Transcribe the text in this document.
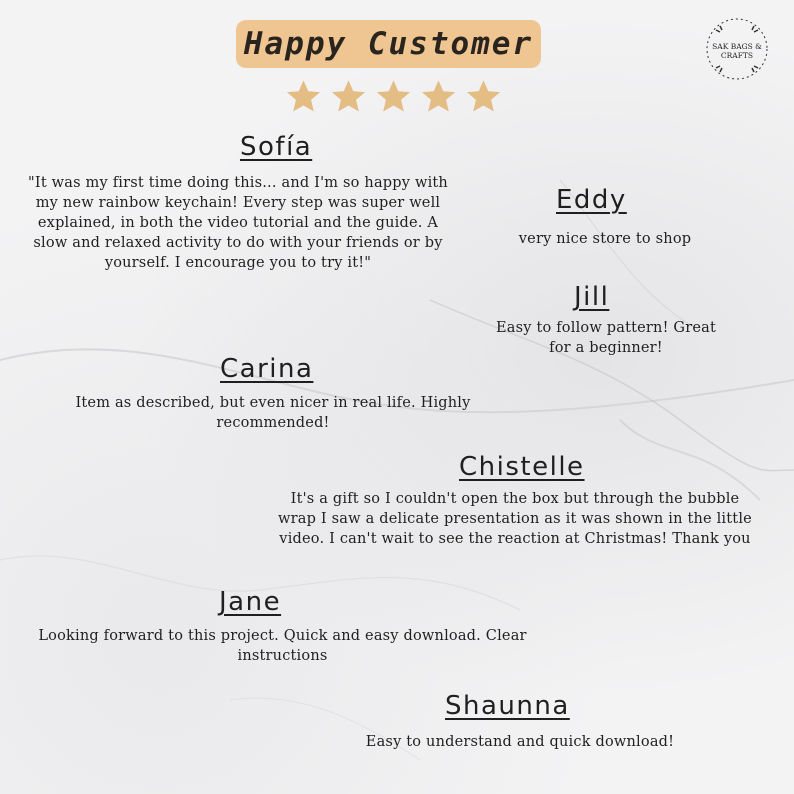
Happy Customer	SAK BAGS & CRAFTS
Sofía
"It was my first time doing this... and I'm so happy with my new rainbow keychain! Every step was super well explained, in both the video tutorial and the guide. A slow and relaxed activity to do with your friends or by yourself. I encourage you to try it!"
Eddy
very nice store to shop
Jill
Easy to follow pattern! Great for a beginner!
Carina
Item as described, but even nicer in real life. Highly recommended!
Chistelle
It's a gift so I couldn't open the box but through the bubble wrap I saw a delicate presentation as it was shown in the little video. I can't wait to see the reaction at Christmas! Thank you
Jane
Looking forward to this project. Quick and easy download. Clear instructions
Shaunna
Easy to understand and quick download!
